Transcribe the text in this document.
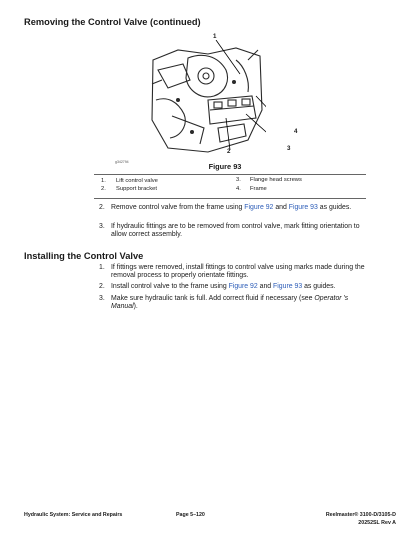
Removing the Control Valve (continued)
1
2	3
4
g342794	Figure 93
1. Lift control valve	3. Flange head screws
2. Support bracket	4. Frame
2. Remove control valve from the frame using Figure 92 and Figure 93 as guides.
3. If hydraulic fittings are to be removed from control valve, mark fitting orientation to allow correct assembly.
Installing the Control Valve
1. If fittings were removed, install fittings to control valve using marks made during the removal process to properly orientate fittings.
2. Install control valve to the frame using Figure 92 and Figure 93 as guides.
3. Make sure hydraulic tank is full. Add correct fluid if necessary (see Operator 's Manual).
Hydraulic System: Service and Repairs	Page 5–120	Reelmaster® 3100-D/3105-D
20252SL Rev A
